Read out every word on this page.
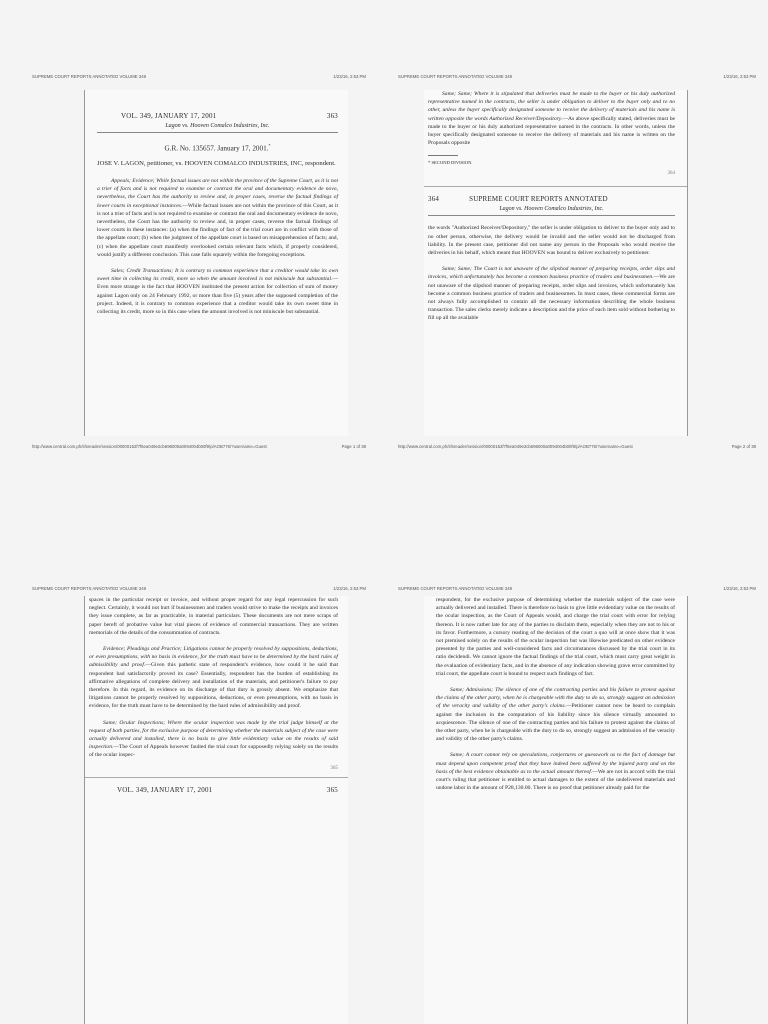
SUPREME COURT REPORTS ANNOTATED VOLUME 349	1/23/16, 2:53 PM
VOL. 349, JANUARY 17, 2001	363
Lagon vs. Hooven Comalco Industries, Inc.
G.R. No. 135657. January 17, 2001.*
JOSE V. LAGON, petitioner, vs. HOOVEN COMALCO INDUSTRIES, INC, respondent.

Appeals; Evidence; While factual issues are not within the province of the Supreme Court, as it is not a trier of facts and is not required to examine or contrast the oral and documentary evidence de novo, nevertheless, the Court has the authority to review and, in proper cases, reverse the factual findings of lower courts in exceptional instances.—While factual issues are not within the province of this Court, as it is not a trier of facts and is not required to examine or contrast the oral and documentary evidence de novo, nevertheless, the Court has the authority to review and, in proper cases, reverse the factual findings of lower courts in these instances: (a) when the findings of fact of the trial court are in conflict with those of the appellate court; (b) when the judgment of the appellate court is based on misapprehension of facts; and, (c) when the appellate court manifestly overlooked certain relevant facts which, if properly considered, would justify a different conclusion. This case falls squarely within the foregoing exceptions.

Sales; Credit Transactions; It is contrary to common experience that a creditor would take its own sweet time in collecting its credit, more so when the amount involved is not miniscule but substantial.—Even more strange is the fact that HOOVEN instituted the present action for collection of sum of money against Lagon only on 24 February 1992, or more than five (5) years after the supposed completion of the project. Indeed, it is contrary to common experience that a creditor would take its own sweet time in collecting its credit, more so in this case when the amount involved is not miniscule but substantial.

http://www.central.com.ph/sfsreader/session/00000152f7f6ea049e2cb696000a0094004b00f9/p/AOB776/?username=Guest	Page 1 of 38
SUPREME COURT REPORTS ANNOTATED VOLUME 349	1/23/16, 2:53 PM

Same; Same; Where it is stipulated that deliveries must be made to the buyer or his duly authorized representative named in the contracts, the seller is under obligation to deliver to the buyer only and to no other, unless the buyer specifically designated someone to receive the delivery of materials and his name is written opposite the words Authorized Receiver/Depository.—As above specifically stated, deliveries must be made to the buyer or his duly authorized representative named in the contracts. In other words, unless the buyer specifically designated someone to receive the delivery of materials and his name is written on the Proposals opposite

* SECOND DIVISION.
364
364	SUPREME COURT REPORTS ANNOTATED
Lagon vs. Hooven Comalco Industries, Inc.

the words "Authorized Receiver/Depository," the seller is under obligation to deliver to the buyer only and to no other person, otherwise, the delivery would be invalid and the seller would not be discharged from liability. In the present case, petitioner did not name any person in the Proposals who would receive the deliveries in his behalf, which meant that HOOVEN was bound to deliver exclusively to petitioner.

Same; Same; The Court is not unaware of the slipshod manner of preparing receipts, order slips and invoices, which unfortunately has become a common business practice of traders and businessmen.—We are not unaware of the slipshod manner of preparing receipts, order slips and invoices, which unfortunately has become a common business practice of traders and businessmen. In most cases, these commercial forms are not always fully accomplished to contain all the necessary information describing the whole business transaction. The sales clerks merely indicate a description and the price of each item sold without bothering to fill up all the available

http://www.central.com.ph/sfsreader/session/00000152f7f6ea049e2cb696000a0094004b00f9/p/AOB776/?username=Guest	Page 2 of 38
SUPREME COURT REPORTS ANNOTATED VOLUME 349	1/23/16, 2:53 PM

spaces in the particular receipt or invoice, and without proper regard for any legal repercussion for such neglect. Certainly, it would not hurt if businessmen and traders would strive to make the receipts and invoices they issue complete, as far as practicable, in material particulars. These documents are not mere scraps of paper bereft of probative value but vital pieces of evidence of commercial transactions. They are written memorials of the details of the consummation of contracts.

Evidence; Pleadings and Practice; Litigations cannot be properly resolved by suppositions, deductions, or even presumptions, with no basis in evidence, for the truth must have to be determined by the hard rules of admissibility and proof.—Given this pathetic state of respondent's evidence, how could it be said that respondent had satisfactorily proved its case? Essentially, respondent has the burden of establishing its affirmative allegations of complete delivery and installation of the materials, and petitioner's failure to pay therefore. In this regard, its evidence on its discharge of that duty is grossly absent. We emphasize that litigations cannot be properly resolved by suppositions, deductions, or even presumptions, with no basis in evidence, for the truth must have to be determined by the hard rules of admissibility and proof.

Same; Ocular Inspections; Where the ocular inspection was made by the trial judge himself at the request of both parties, for the exclusive purpose of determining whether the materials subject of the case were actually delivered and installed, there is no basis to give little evidentiary value on the results of said inspection.—The Court of Appeals however faulted the trial court for supposedly relying solely on the results of the ocular inspec-

365
VOL. 349, JANUARY 17, 2001	365
SUPREME COURT REPORTS ANNOTATED VOLUME 349	1/23/16, 2:53 PM

respondent, for the exclusive purpose of determining whether the materials subject of the case were actually delivered and installed. There is therefore no basis to give little evidentiary value on the results of the ocular inspection, as the Court of Appeals would, and charge the trial court with error for relying thereon. It is now rather late for any of the parties to disclaim them, especially when they are not to his or its favor. Furthermore, a cursory reading of the decision of the court a quo will at once show that it was not premised solely on the results of the ocular inspection but was likewise predicated on other evidence presented by the parties and well-considered facts and circumstances discussed by the trial court in its ratio decidendi. We cannot ignore the factual findings of the trial court, which must carry great weight in the evaluation of evidentiary facts, and in the absence of any indication showing grave error committed by trial court, the appellate court is bound to respect such findings of fact.

Same; Admissions; The silence of one of the contracting parties and his failure to protest against the claims of the other party, when he is chargeable with the duty to do so, strongly suggest an admission of the veracity and validity of the other party's claims.—Petitioner cannot now be heard to complain against the inclusion in the computation of his liability since his silence virtually amounted to acquiescence. The silence of one of the contracting parties and his failure to protest against the claims of the other party, when he is chargeable with the duty to do so, strongly suggest an admission of the veracity and validity of the other party's claims.

Same; A court cannot rely on speculations, conjectures or guesswork as to the fact of damage but must depend upon competent proof that they have indeed been suffered by the injured party and on the basis of the best evidence obtainable as to the actual amount thereof.—We are not in accord with the trial court's ruling that petitioner is entitled to actual damages to the extent of the undelivered materials and undone labor in the amount of P28,130.00. There is no proof that petitioner already paid for the
